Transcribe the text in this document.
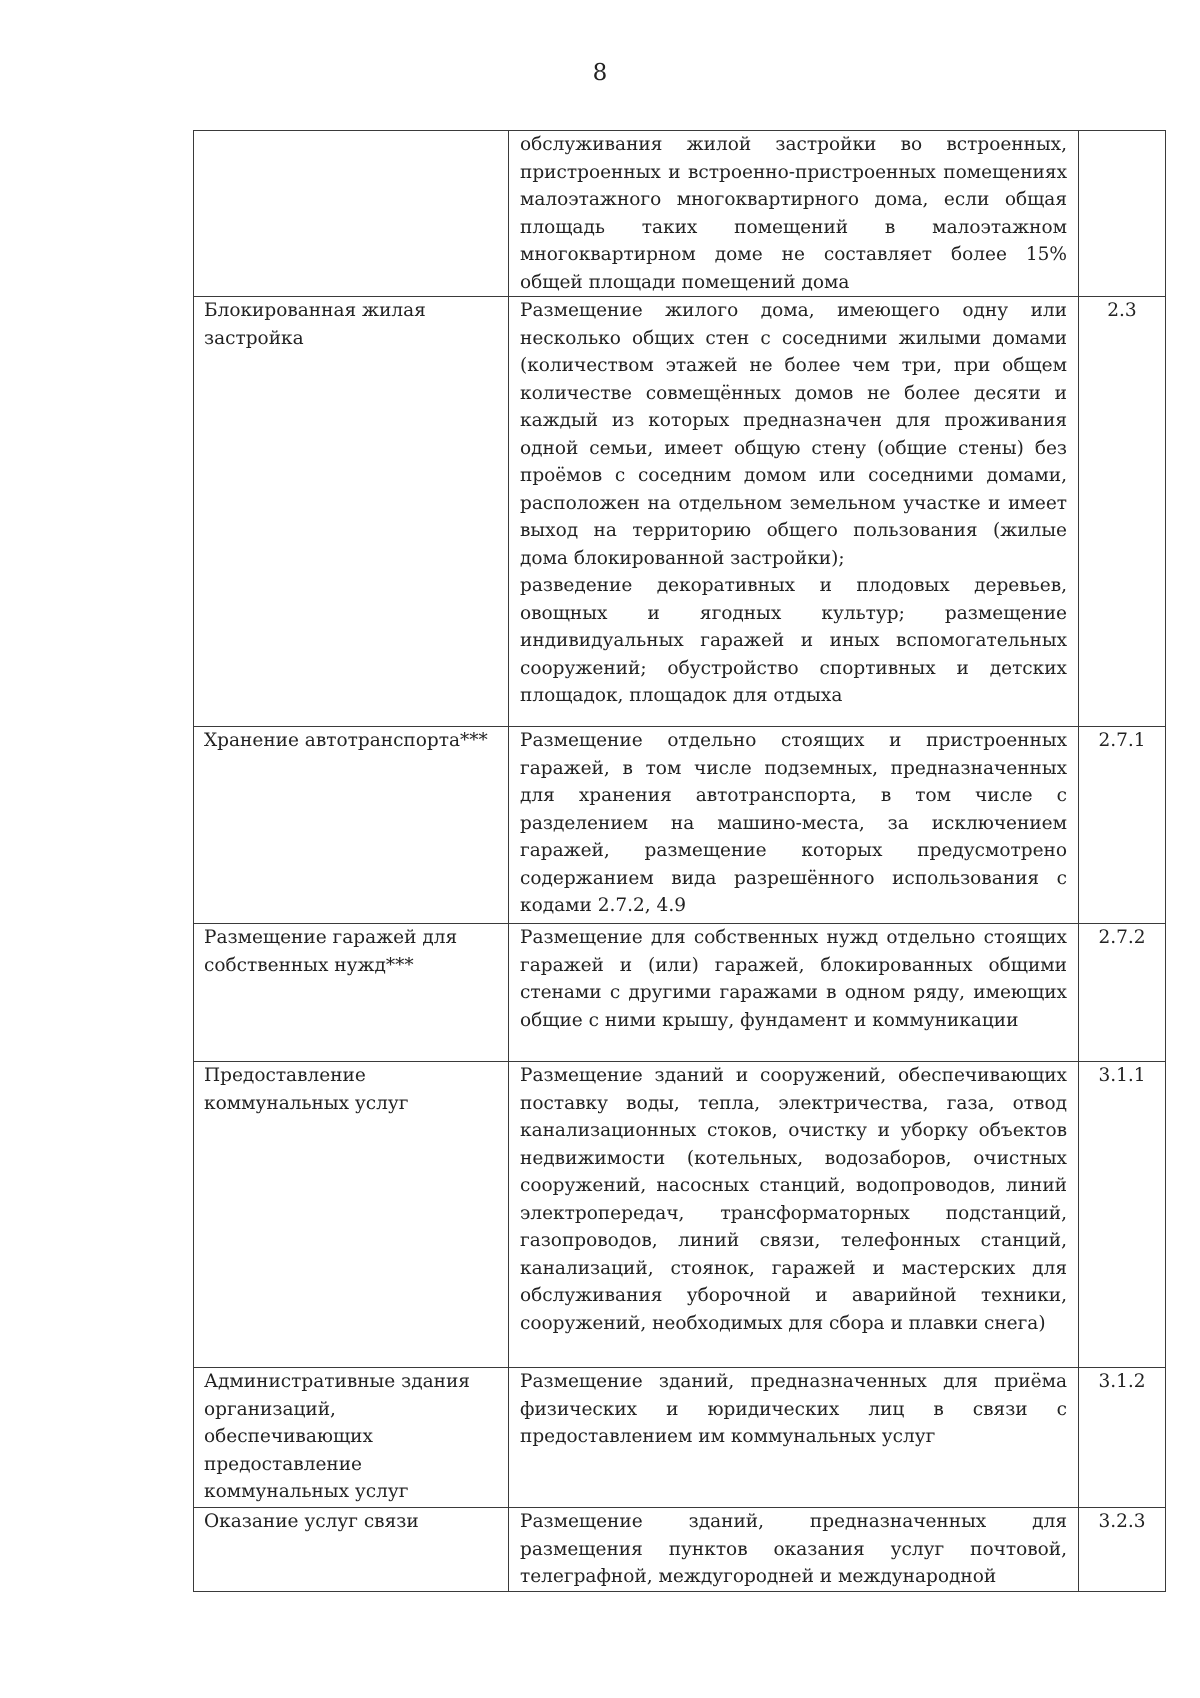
8

	обслуживания жилой застройки во встроенных, пристроенных и встроенно-пристроенных помещениях малоэтажного многоквартирного дома, если общая площадь таких помещений в малоэтажном многоквартирном доме не составляет более 15% общей площади помещений дома	

Блокированная жилая застройка	Размещение жилого дома, имеющего одну или несколько общих стен с соседними жилыми домами (количеством этажей не более чем три, при общем количестве совмещённых домов не более десяти и каждый из которых предназначен для проживания одной семьи, имеет общую стену (общие стены) без проёмов с соседним домом или соседними домами, расположен на отдельном земельном участке и имеет выход на территорию общего пользования (жилые дома блокированной застройки);
разведение декоративных и плодовых деревьев, овощных и ягодных культур; размещение индивидуальных гаражей и иных вспомогательных сооружений; обустройство спортивных и детских площадок, площадок для отдыха	2.3
Хранение автотранспорта***	Размещение отдельно стоящих и пристроенных гаражей, в том числе подземных, предназначенных для хранения автотранспорта, в том числе с разделением на машино-места, за исключением гаражей, размещение которых предусмотрено содержанием вида разрешённого использования с кодами 2.7.2, 4.9	2.7.1
Размещение гаражей для собственных нужд***	Размещение для собственных нужд отдельно стоящих гаражей и (или) гаражей, блокированных общими стенами с другими гаражами в одном ряду, имеющих общие с ними крышу, фундамент и коммуникации	2.7.2
Предоставление коммунальных услуг	Размещение зданий и сооружений, обеспечивающих поставку воды, тепла, электричества, газа, отвод канализационных стоков, очистку и уборку объектов недвижимости (котельных, водозаборов, очистных сооружений, насосных станций, водопроводов, линий электропередач, трансформаторных подстанций, газопроводов, линий связи, телефонных станций, канализаций, стоянок, гаражей и мастерских для обслуживания уборочной и аварийной техники, сооружений, необходимых для сбора и плавки снега)	3.1.1
Административные здания организаций, обеспечивающих предоставление коммунальных услуг	Размещение зданий, предназначенных для приёма физических и юридических лиц в связи с предоставлением им коммунальных услуг	3.1.2
Оказание услуг связи	Размещение зданий, предназначенных для размещения пунктов оказания услуг почтовой, телеграфной, междугородней и международной	3.2.3
